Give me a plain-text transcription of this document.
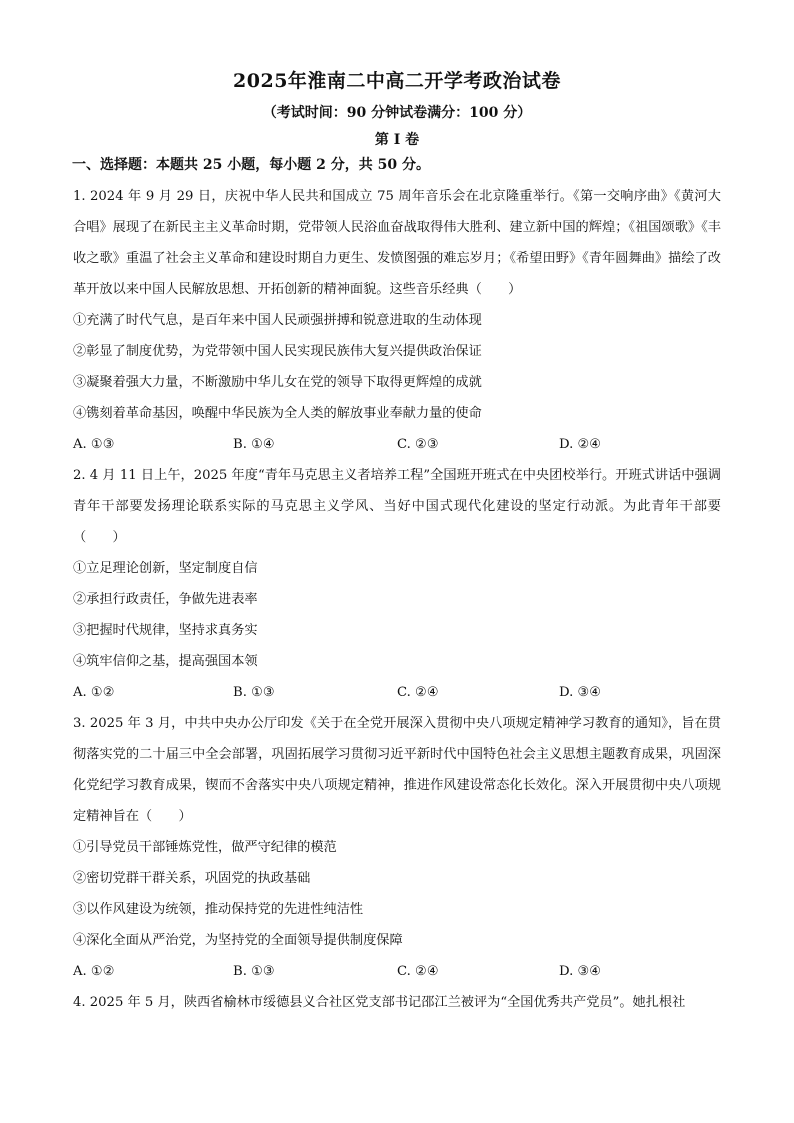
2025年淮南二中高二开学考政治试卷
（考试时间：90 分钟试卷满分：100 分）
第 I 卷
一、选择题：本题共 25 小题，每小题 2 分，共 50 分。

1. 2024 年 9 月 29 日，庆祝中华人民共和国成立 75 周年音乐会在北京隆重举行。《第一交响序曲》《黄河大合唱》展现了在新民主主义革命时期，党带领人民浴血奋战取得伟大胜利、建立新中国的辉煌；《祖国颂歌》《丰收之歌》重温了社会主义革命和建设时期自力更生、发愤图强的难忘岁月；《希望田野》《青年圆舞曲》描绘了改革开放以来中国人民解放思想、开拓创新的精神面貌。这些音乐经典（　　）

①充满了时代气息，是百年来中国人民顽强拼搏和锐意进取的生动体现

②彰显了制度优势，为党带领中国人民实现民族伟大复兴提供政治保证

③凝聚着强大力量，不断激励中华儿女在党的领导下取得更辉煌的成就

④镌刻着革命基因，唤醒中华民族为全人类的解放事业奉献力量的使命

A. ①③	B. ①④	C. ②③	D. ②④

2. 4 月 11 日上午，2025 年度“青年马克思主义者培养工程”全国班开班式在中央团校举行。开班式讲话中强调青年干部要发扬理论联系实际的马克思主义学风、当好中国式现代化建设的坚定行动派。为此青年干部要（　　）

①立足理论创新，坚定制度自信

②承担行政责任，争做先进表率

③把握时代规律，坚持求真务实

④筑牢信仰之基，提高强国本领

A. ①②	B. ①③	C. ②④	D. ③④

3. 2025 年 3 月，中共中央办公厅印发《关于在全党开展深入贯彻中央八项规定精神学习教育的通知》，旨在贯彻落实党的二十届三中全会部署，巩固拓展学习贯彻习近平新时代中国特色社会主义思想主题教育成果，巩固深化党纪学习教育成果，锲而不舍落实中央八项规定精神，推进作风建设常态化长效化。深入开展贯彻中央八项规定精神旨在（　　）

①引导党员干部锤炼党性，做严守纪律的模范

②密切党群干群关系，巩固党的执政基础

③以作风建设为统领，推动保持党的先进性纯洁性

④深化全面从严治党，为坚持党的全面领导提供制度保障

A. ①②	B. ①③	C. ②④	D. ③④

4. 2025 年 5 月，陕西省榆林市绥德县义合社区党支部书记邵江兰被评为“全国优秀共产党员”。她扎根社
